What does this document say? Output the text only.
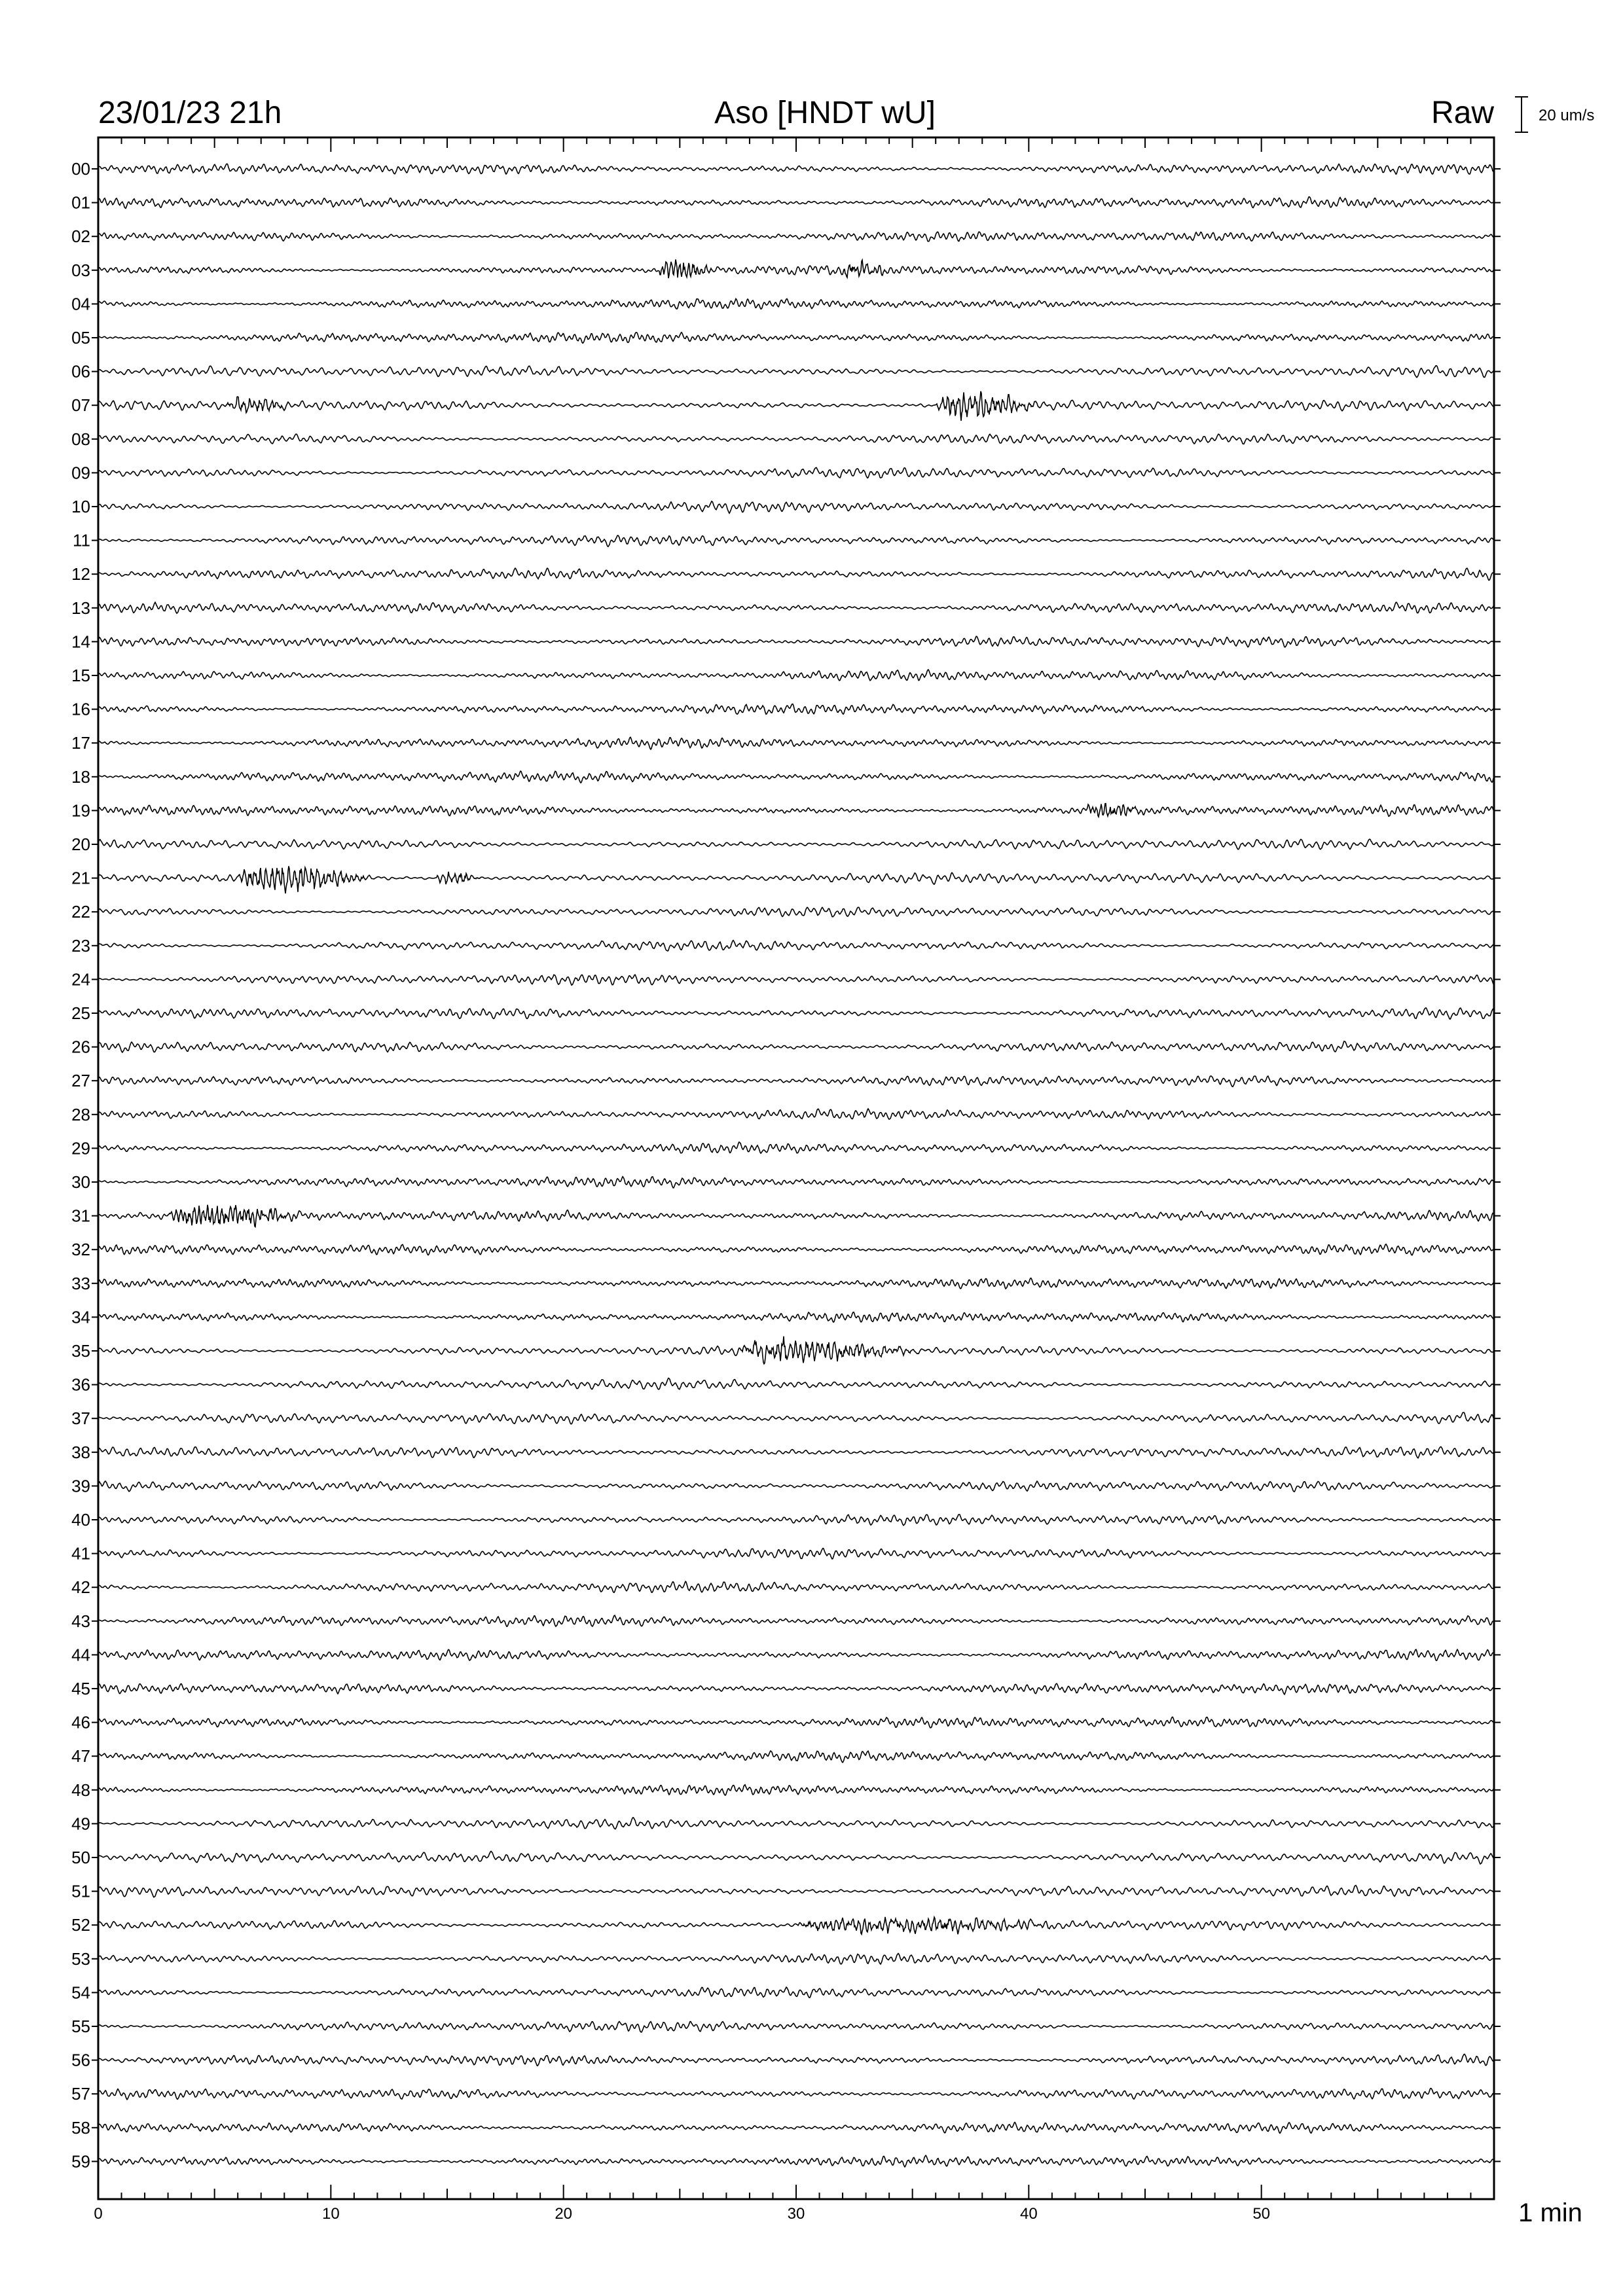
23/01/23 21h	Aso [HNDT wU]	Raw	20 um/s
0	10	20	30	40	50
00
01
02
03
04
05
06
07
08
09
10
11
12
13
14
15
16
17
18
19
20
21
22
23
24
25
26
27
28
29
30
31
32
33
34
35
36
37
38
39
40
41
42
43
44
45
46
47
48
49
50
51
52
53
54
55
56
57
58
59
1 min
